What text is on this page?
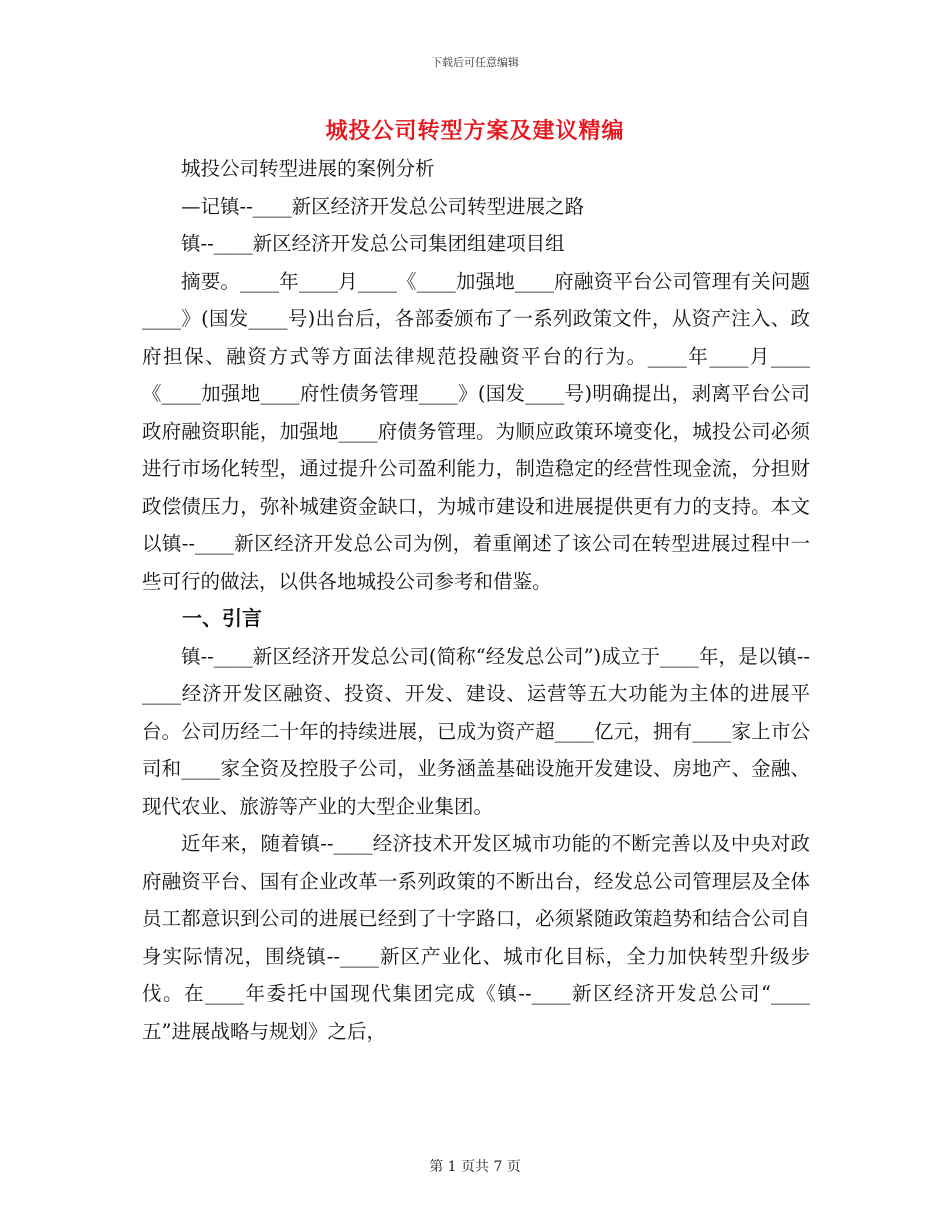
下载后可任意编辑
城投公司转型方案及建议精编

城投公司转型进展的案例分析

—记镇--____新区经济开发总公司转型进展之路

镇--____新区经济开发总公司集团组建项目组

摘要。____年____月____《____加强地____府融资平台公司管理有关问题____》(国发____号)出台后，各部委颁布了一系列政策文件，从资产注入、政府担保、融资方式等方面法律规范投融资平台的行为。____年____月____《____加强地____府性债务管理____》(国发____号)明确提出，剥离平台公司政府融资职能，加强地____府债务管理。为顺应政策环境变化，城投公司必须进行市场化转型，通过提升公司盈利能力，制造稳定的经营性现金流，分担财政偿债压力，弥补城建资金缺口，为城市建设和进展提供更有力的支持。本文以镇--____新区经济开发总公司为例，着重阐述了该公司在转型进展过程中一些可行的做法，以供各地城投公司参考和借鉴。

一、引言

镇--____新区经济开发总公司(简称“经发总公司”)成立于____年，是以镇--____经济开发区融资、投资、开发、建设、运营等五大功能为主体的进展平台。公司历经二十年的持续进展，已成为资产超____亿元，拥有____家上市公司和____家全资及控股子公司，业务涵盖基础设施开发建设、房地产、金融、现代农业、旅游等产业的大型企业集团。

近年来，随着镇--____经济技术开发区城市功能的不断完善以及中央对政府融资平台、国有企业改革一系列政策的不断出台，经发总公司管理层及全体员工都意识到公司的进展已经到了十字路口，必须紧随政策趋势和结合公司自身实际情况，围绕镇--____新区产业化、城市化目标，全力加快转型升级步伐。在____年委托中国现代集团完成《镇--____新区经济开发总公司“____五”进展战略与规划》之后，

第 1 页共 7 页
